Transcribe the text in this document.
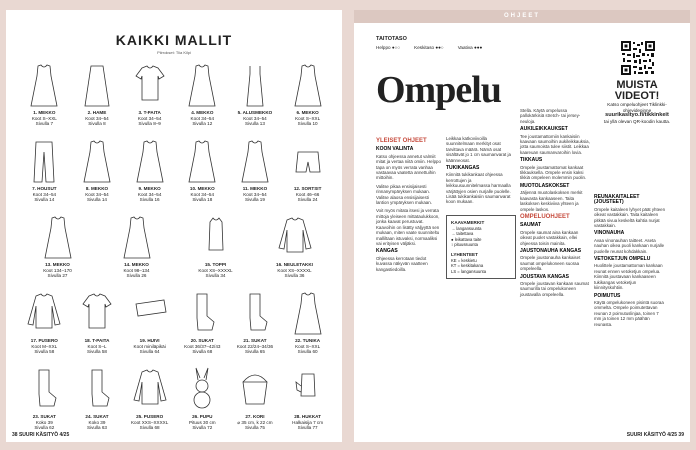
KAIKKI MALLIT
Piirrokset: Tiia Kilpi
1. MEKKO
Koot S–XXL
Sivulla 7
2. HAME
Koot 34–54
Sivulla 8
3. T-PAITA
Koot 34–54
Sivulla 8–9
4. MEKKO
Koot 34–54
Sivulla 12
5. ALUSMEKKO
Koot 34–54
Sivulla 13
6. MEKKO
Koot S–XXL
Sivulla 10
7. HOUSUT
Koot 34–54
Sivulla 14
8. MEKKO
Koot 34–54
Sivulla 14
9. MEKKO
Koot 34–54
Sivulla 16
10. MEKKO
Koot 34–54
Sivulla 18
11. MEKKO
Koot 34–54
Sivulla 19
12. SORTSIT
Koot 46–66
Sivulla 24
13. MEKKO
Koot 134–170
Sivulla 27
14. MEKKO
Koot 98–134
Sivulla 26
15. TOPPI
Koot XS–XXXXL
Sivulla 34
16. NEULETAKKI
Koot XS–XXXXL
Sivulla 36
17. PUSERO
Koot M–XXL
Sivulla 58
18. T-PAITA
Koot S–L
Sivulla 58
19. HUIVI
Koot miniläpikäi
Sivulla 64
20. SUKAT
Koot 36/37–42/43
Sivulla 68
21. SUKAT
Koot 22/24–34/36
Sivulla 65
22. TUNIKA
Koot S–XXL
Sivulla 60
23. SUKAT
Koko 39
Sivulla 62
24. SUKAT
Koko 39
Sivulla 63
25. PUSERO
Koot XXS–XXXXL
Sivulla 68
26. PUPU
Pituus 30 cm
Sivulla 72
27. KORI
⌀ 35 cm, k 22 cm
Sivulla 75
28. HUKKAT
Halkaisija 7 cm
Sivulla 77
38 SUURI KÄSITYÖ 4/25
OHJEET
TAITOTASO
Helppo ●○○	Keskitaso ●●○	Vaativa ●●●
Ompelu
YLEISET OHJEET
KOON VALINTA

Katso ohjeessa annetut valmiit mitat ja vertaa niitä omiin. Helppo tapa on myös verrata vanhaa vastaavaa vaatetta annettuihin mittoihin.

Valitse pikaa ensisijaisesti rinnanympäryksen mukaan. Valitse alaosa ensisijaisesti lantion ympäryksen mukaan.

Voit myös mitata itsesi ja verrata mittoja yleiseen mittataulukkoon, jonka kaavat perustuvat. Kaavoihin on lisätty väljyyttä sen mukaan, miten vaate suunniteltu malliltaan istuvaksi, normaaliksi vai erityisen väljäksi.

KANGAS

Ohjeessa kerrotaan tiedot kuvassa näkyvän vaatteen kangastiedoilla.

Leikkaa katkoviivoilla suunnitelmaan merkityt osat tarvittava määrä. Nämä osat sisältävät jo 1 cm saumanvarat ja käänneosat.

TUKIKANGAS

Kiinnitä tukikankaat ohjeessa kerrottujen ja leikkuusuunnitelmassa harmaalla värjättyjen osien nurjalle puolelle. Lisää tukikankaisiin saumanvarat koon mukaan.

KAAVAMERKIT
→ langansuunta
→ taitettava
● leikattava taite
↕ pituussuunta
LYHENTEET
KE = keskietu
KT = keskitakana
LS = langansuunta

Stella. Käytä ompelussa pallokärkisiä stretch- tai jersey-neuloja.

AUKILEIKKAUKSET

Tee joustamattomiin kankaisiin kaavaan saumoihin aukileikkauksia, jotta saumoista tulee siistit. Leikkaa kaareuan saumanvaroihin lovia.

TIKKAUS

Ompele joustamattomat kankaat tikkauksella. Ompele ensin kaksi tikkiä ompeleen molemmin puolin.

MUOTOLASKOKSET

Jäljennä muotolaskoksen merkit kaavasta kankaaseen. Taita laskoksen keskiviiva yhteen ja ompele laskos.

OMPELUOHJEET
SAUMAT

Ompele saumat aina kankaan oikeat puolet vastakkain, ellei ohjeessa toisin mainita.

JAUSTONAUHA KANGAS

Ompele joustonauha kankaiset saumat ompelukoneen suoraa ompeleella.

JOUSTAVA KANGAS

Ompele joustavan kankaan saumat saumurilla tai ompelukoneen joustavalla ompeleella.

REUNAKAITALEET (JOUSTEET)

Ompele kaitaleen lyhyet päät yhteen oikeat vastakkain. Taita kaitaleen pitkää sivua keskeltä kahtia nurjat vastakkain.

VINONAUHA

Avaa vinonauhan taitteet. Aseta nauhan oikea puoli kankaan nurjalle puolelle reunat kohdakkain.

VETOKETJUN OMPELU

Huolittele joustamattoman kankaan reunat ennen vetoketjun ompelua. Kiinnitä joustavaan kankaaseen tukikangas vetoketjun kiinnityskohtiin.

POIMUTUS

Käytä ompelukoneen pisintä suoraa ommelta. Ompele poimutettavan reunan 2 poimutuslinjaa, toinen 7 mm ja toinen 12 mm päähän reunasta.

MUISTA VIDEOT!
Katso ompeluohjeet Tiklinkki-ohjevideoinne
suurikasityo.fi/tikkinkeit
tai yllä olevan QR-koodin kautta.
SUURI KÄSITYÖ 4/25 39
